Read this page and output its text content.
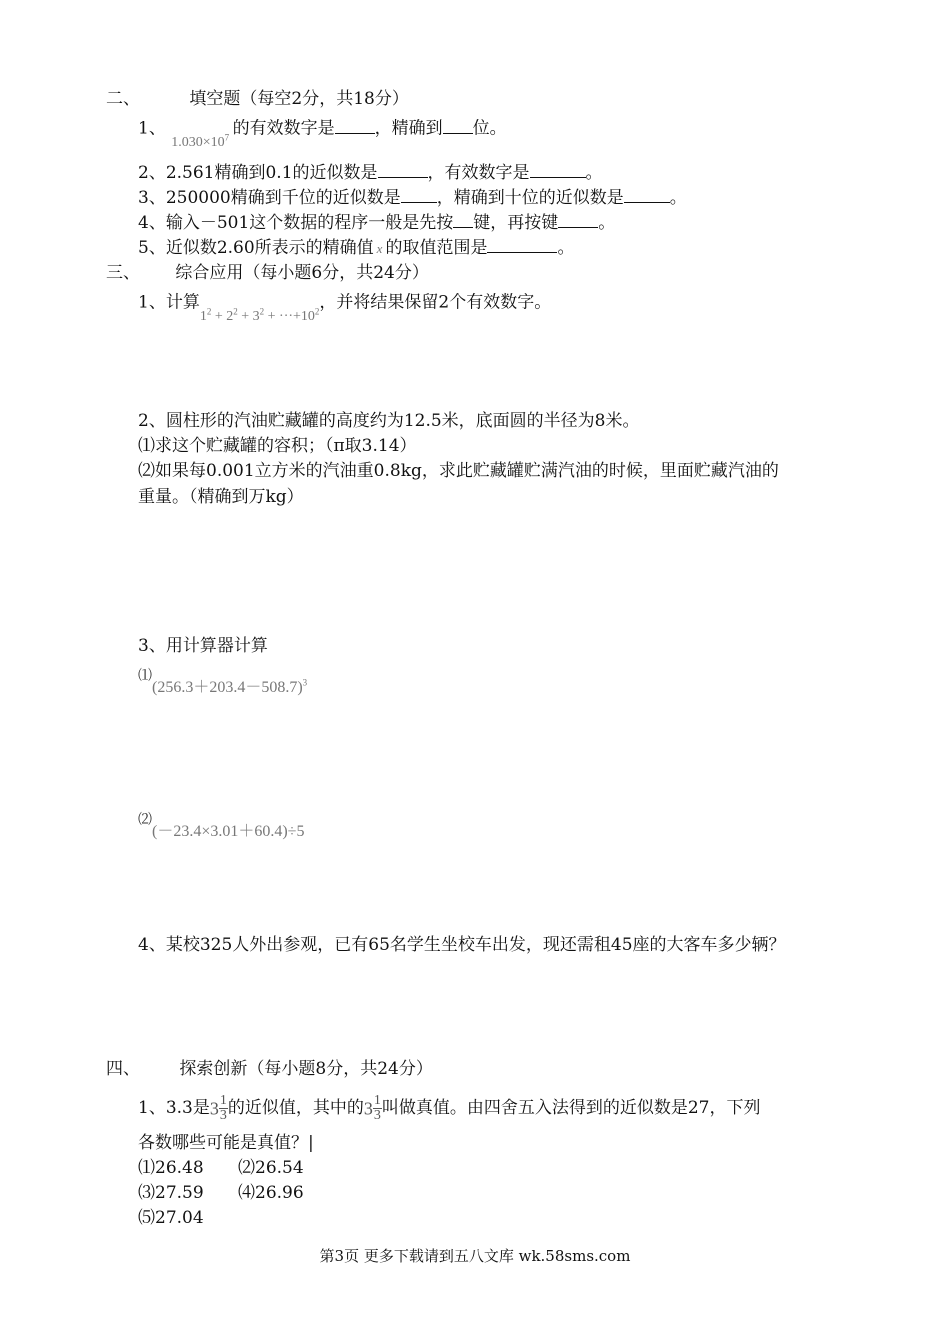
二、	填空题（每空2分，共18分）
1、 $_{1.030\times 10^7}$ 的有效数字是 ，精确到 位。
2、2.561精确到0.1的近似数是	，有效数字是	。
3、250000精确到千位的近似数是 ，精确到十位的近似数是	。
4、输入－501这个数据的程序一般是先按 键，再按键 。
5、近似数2.60所表示的精确值 x 的取值范围是	。
三、 综合应用（每小题6分，共24分）
1、计算$_{1^2 + 2^2 + 3^2 + \cdot\cdot\cdot+10^2}$，并将结果保留2个有效数字。
2、圆柱形的汽油贮藏罐的高度约为12.5米，底面圆的半径为8米。
⑴求这个贮藏罐的容积；（π取3.14）
⑵如果每0.001立方米的汽油重0.8kg，求此贮藏罐贮满汽油的时候，里面贮藏汽油的
重量。（精确到万kg）
3、用计算器计算
$^⑴(256.3+203.4-508.7)^3$
⑵(－23.4×3.01＋60.4)÷5
4、某校325人外出参观，已有65名学生坐校车出发，现还需租45座的大客车多少辆？
四、 探索创新（每小题8分，共24分）
1、3.3是$3 \frac{1}{3}$ 的近似值，其中的$3 \frac{1}{3}$ 叫做真值。由四舍五入法得到的近似数是27，下列
各数哪些可能是真值？|
⑴26.48 ⑵26.54
⑶27.59 ⑷26.96
⑸27.04
第3页 更多下载请到五八文库 wk.58sms.com
